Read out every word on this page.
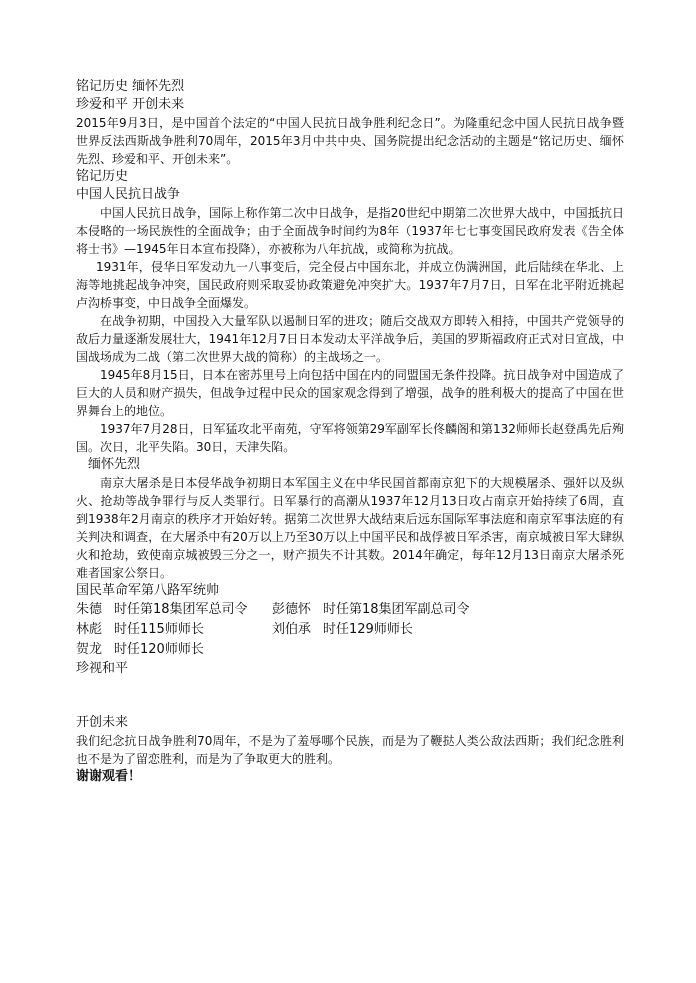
铭记历史 缅怀先烈

珍爱和平 开创未来

2015年9月3日，是中国首个法定的“中国人民抗日战争胜利纪念日”。为隆重纪念中国人民抗日战争暨世界反法西斯战争胜利70周年，2015年3月中共中央、国务院提出纪念活动的主题是“铭记历史、缅怀先烈、珍爱和平、开创未来”。

铭记历史

中国人民抗日战争

中国人民抗日战争，国际上称作第二次中日战争，是指20世纪中期第二次世界大战中，中国抵抗日本侵略的一场民族性的全面战争；由于全面战争时间约为8年（1937年七七事变国民政府发表《告全体将士书》—1945年日本宣布投降），亦被称为八年抗战，或简称为抗战。

1931年，侵华日军发动九一八事变后，完全侵占中国东北，并成立伪满洲国，此后陆续在华北、上海等地挑起战争冲突，国民政府则采取妥协政策避免冲突扩大。1937年7月7日，日军在北平附近挑起卢沟桥事变，中日战争全面爆发。

在战争初期，中国投入大量军队以遏制日军的进攻；随后交战双方即转入相持，中国共产党领导的敌后力量逐渐发展壮大，1941年12月7日日本发动太平洋战争后，美国的罗斯福政府正式对日宣战，中国战场成为二战（第二次世界大战的简称）的主战场之一。

1945年8月15日，日本在密苏里号上向包括中国在内的同盟国无条件投降。抗日战争对中国造成了巨大的人员和财产损失，但战争过程中民众的国家观念得到了增强，战争的胜利极大的提高了中国在世界舞台上的地位。

1937年7月28日，日军猛攻北平南苑，守军将领第29军副军长佟麟阁和第132师师长赵登禹先后殉国。次日，北平失陷。30日，天津失陷。

缅怀先烈

南京大屠杀是日本侵华战争初期日本军国主义在中华民国首都南京犯下的大规模屠杀、强奸以及纵火、抢劫等战争罪行与反人类罪行。日军暴行的高潮从1937年12月13日攻占南京开始持续了6周，直到1938年2月南京的秩序才开始好转。据第二次世界大战结束后远东国际军事法庭和南京军事法庭的有关判决和调查，在大屠杀中有20万以上乃至30万以上中国平民和战俘被日军杀害，南京城被日军大肆纵火和抢劫，致使南京城被毁三分之一，财产损失不计其数。2014年确定，每年12月13日南京大屠杀死难者国家公祭日。

国民革命军第八路军统帅

朱德 时任第18集团军总司令	彭德怀 时任第18集团军副总司令
林彪 时任115师师长	刘伯承 时任129师师长
贺龙 时任120师师长

珍视和平

开创未来

我们纪念抗日战争胜利70周年，不是为了羞辱哪个民族，而是为了鞭挞人类公敌法西斯；我们纪念胜利也不是为了留恋胜利，而是为了争取更大的胜利。

谢谢观看！
